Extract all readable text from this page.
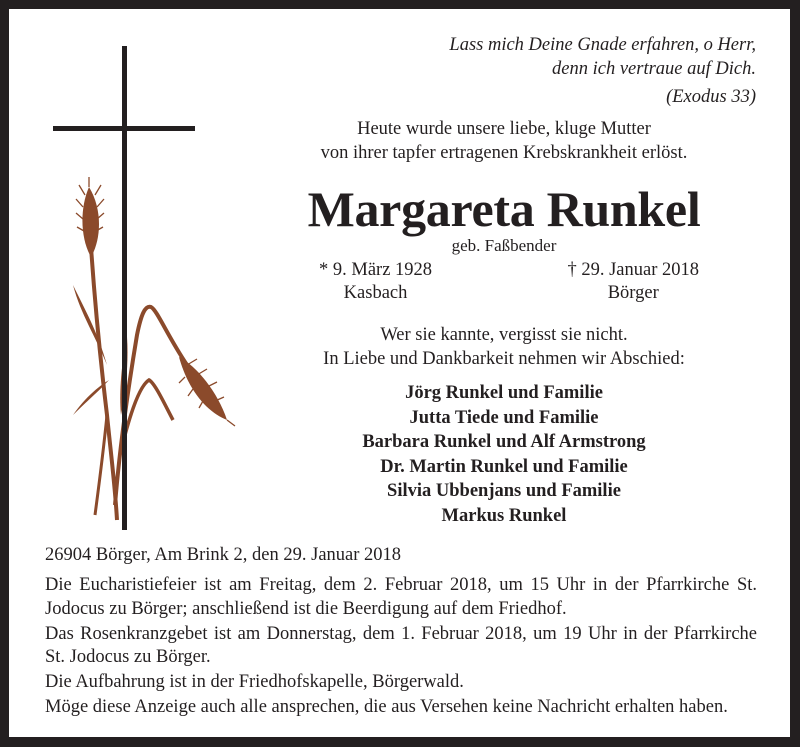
Lass mich Deine Gnade erfahren, o Herr,
denn ich vertraue auf Dich.
(Exodus 33)
Heute wurde unsere liebe, kluge Mutter
von ihrer tapfer ertragenen Krebskrankheit erlöst.
Margareta Runkel
geb. Faßbender
* 9. März 1928
Kasbach
† 29. Januar 2018
Börger
Wer sie kannte, vergisst sie nicht.
In Liebe und Dankbarkeit nehmen wir Abschied:
Jörg Runkel und Familie
Jutta Tiede und Familie
Barbara Runkel und Alf Armstrong
Dr. Martin Runkel und Familie
Silvia Ubbenjans und Familie
Markus Runkel
26904 Börger, Am Brink 2, den 29. Januar 2018

Die Eucharistiefeier ist am Freitag, dem 2. Februar 2018, um 15 Uhr in der Pfarrkirche St. Jodocus zu Börger; anschließend ist die Beerdigung auf dem Friedhof.

Das Rosenkranzgebet ist am Donnerstag, dem 1. Februar 2018, um 19 Uhr in der Pfarrkirche St. Jodocus zu Börger.

Die Aufbahrung ist in der Friedhofskapelle, Börgerwald.

Möge diese Anzeige auch alle ansprechen, die aus Versehen keine Nachricht erhalten haben.
